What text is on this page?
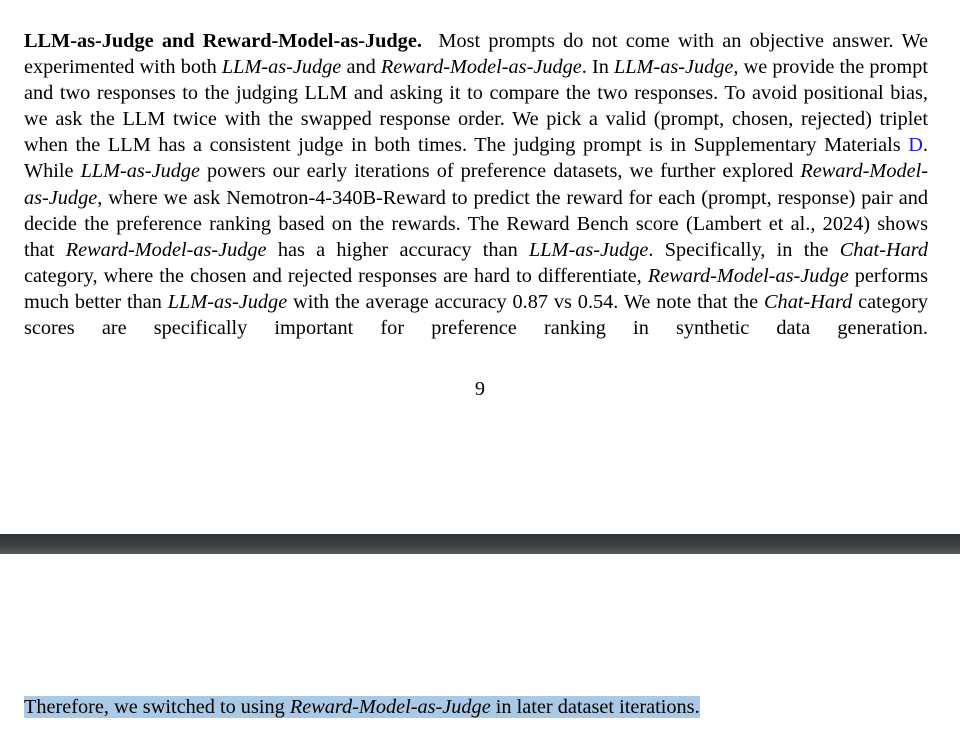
LLM-as-Judge and Reward-Model-as-Judge. Most prompts do not come with an objective answer. We experimented with both LLM-as-Judge and Reward-Model-as-Judge. In LLM-as-Judge, we provide the prompt and two responses to the judging LLM and asking it to compare the two responses. To avoid positional bias, we ask the LLM twice with the swapped response order. We pick a valid (prompt, chosen, rejected) triplet when the LLM has a consistent judge in both times. The judging prompt is in Supplementary Materials D. While LLM-as-Judge powers our early iterations of preference datasets, we further explored Reward-Model-as-Judge, where we ask Nemotron-4-340B-Reward to predict the reward for each (prompt, response) pair and decide the preference ranking based on the rewards. The Reward Bench score (Lambert et al., 2024) shows that Reward-Model-as-Judge has a higher accuracy than LLM-as-Judge. Specifically, in the Chat-Hard category, where the chosen and rejected responses are hard to differentiate, Reward-Model-as-Judge performs much better than LLM-as-Judge with the average accuracy 0.87 vs 0.54. We note that the Chat-Hard category scores are specifically important for preference ranking in synthetic data generation.

9
Therefore, we switched to using Reward-Model-as-Judge in later dataset iterations.
